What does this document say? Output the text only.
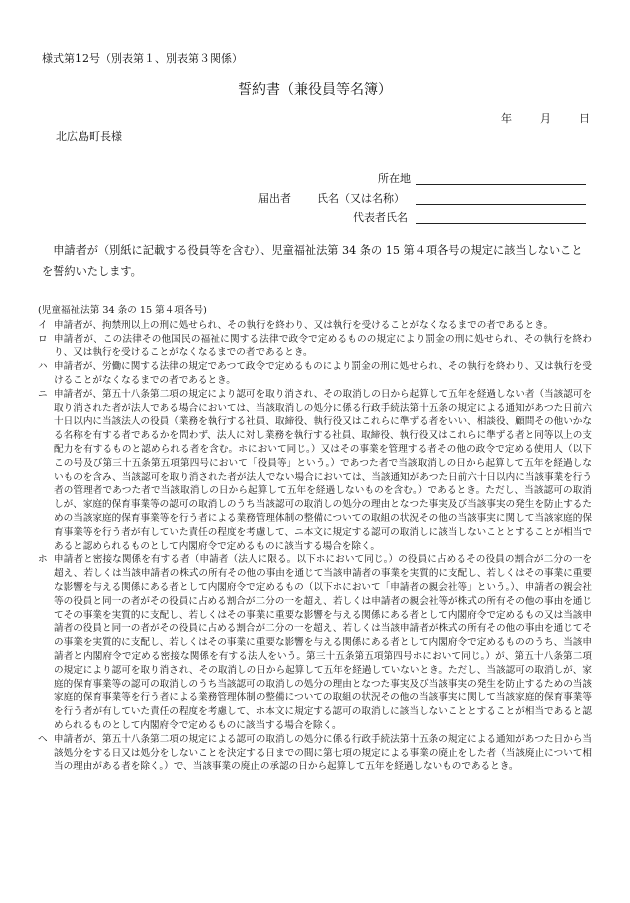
様式第12号（別表第１、別表第３関係）
誓約書（兼役員等名簿）
年	月	日
北広島町長様
所在地
届出者 氏名（又は名称）
代表者氏名
申請者が（別紙に記載する役員等を含む）、児童福祉法第 34 条の 15 第４項各号の規定に該当しないことを誓約いたします。
(児童福祉法第 34 条の 15 第４項各号)
イ 申請者が、拘禁刑以上の刑に処せられ、その執行を終わり、又は執行を受けることがなくなるまでの者であるとき。
ロ 申請者が、この法律その他国民の福祉に関する法律で政令で定めるものの規定により罰金の刑に処せられ、その執行を終わり、又は執行を受けることがなくなるまでの者であるとき。
ハ 申請者が、労働に関する法律の規定であつて政令で定めるものにより罰金の刑に処せられ、その執行を終わり、又は執行を受けることがなくなるまでの者であるとき。
ニ 申請者が、第五十八条第二項の規定により認可を取り消され、その取消しの日から起算して五年を経過しない者（当該認可を取り消された者が法人である場合においては、当該取消しの処分に係る行政手続法第十五条の規定による通知があつた日前六十日以内に当該法人の役員（業務を執行する社員、取締役、執行役又はこれらに準ずる者をいい、相談役、顧問その他いかなる名称を有する者であるかを問わず、法人に対し業務を執行する社員、取締役、執行役又はこれらに準ずる者と同等以上の支配力を有するものと認められる者を含む。ホにおいて同じ。）又はその事業を管理する者その他の政令で定める使用人（以下この号及び第三十五条第五項第四号において「役員等」という。）であつた者で当該取消しの日から起算して五年を経過しないものを含み、当該認可を取り消された者が法人でない場合においては、当該通知があつた日前六十日以内に当該事業を行う者の管理者であつた者で当該取消しの日から起算して五年を経過しないものを含む。）であるとき。ただし、当該認可の取消しが、家庭的保育事業等の認可の取消しのうち当該認可の取消しの処分の理由となつた事実及び当該事実の発生を防止するための当該家庭的保育事業等を行う者による業務管理体制の整備についての取組の状況その他の当該事実に関して当該家庭的保育事業等を行う者が有していた責任の程度を考慮して、ニ本文に規定する認可の取消しに該当しないこととすることが相当であると認められるものとして内閣府令で定めるものに該当する場合を除く。
ホ 申請者と密接な関係を有する者（申請者（法人に限る。以下ホにおいて同じ。）の役員に占めるその役員の割合が二分の一を超え、若しくは当該申請者の株式の所有その他の事由を通じて当該申請者の事業を実質的に支配し、若しくはその事業に重要な影響を与える関係にある者として内閣府令で定めるもの（以下ホにおいて「申請者の親会社等」という。）、申請者の親会社等の役員と同一の者がその役員に占める割合が二分の一を超え、若しくは申請者の親会社等が株式の所有その他の事由を通じてその事業を実質的に支配し、若しくはその事業に重要な影響を与える関係にある者として内閣府令で定めるもの又は当該申請者の役員と同一の者がその役員に占める割合が二分の一を超え、若しくは当該申請者が株式の所有その他の事由を通じてその事業を実質的に支配し、若しくはその事業に重要な影響を与える関係にある者として内閣府令で定めるもののうち、当該申請者と内閣府令で定める密接な関係を有する法人をいう。第三十五条第五項第四号ホにおいて同じ。）が、第五十八条第二項の規定により認可を取り消され、その取消しの日から起算して五年を経過していないとき。ただし、当該認可の取消しが、家庭的保育事業等の認可の取消しのうち当該認可の取消しの処分の理由となつた事実及び当該事実の発生を防止するための当該家庭的保育事業等を行う者による業務管理体制の整備についての取組の状況その他の当該事実に関して当該家庭的保育事業等を行う者が有していた責任の程度を考慮して、ホ本文に規定する認可の取消しに該当しないこととすることが相当であると認められるものとして内閣府令で定めるものに該当する場合を除く。
ヘ 申請者が、第五十八条第二項の規定による認可の取消しの処分に係る行政手続法第十五条の規定による通知があつた日から当該処分をする日又は処分をしないことを決定する日までの間に第七項の規定による事業の廃止をした者（当該廃止について相当の理由がある者を除く。）で、当該事業の廃止の承認の日から起算して五年を経過しないものであるとき。
